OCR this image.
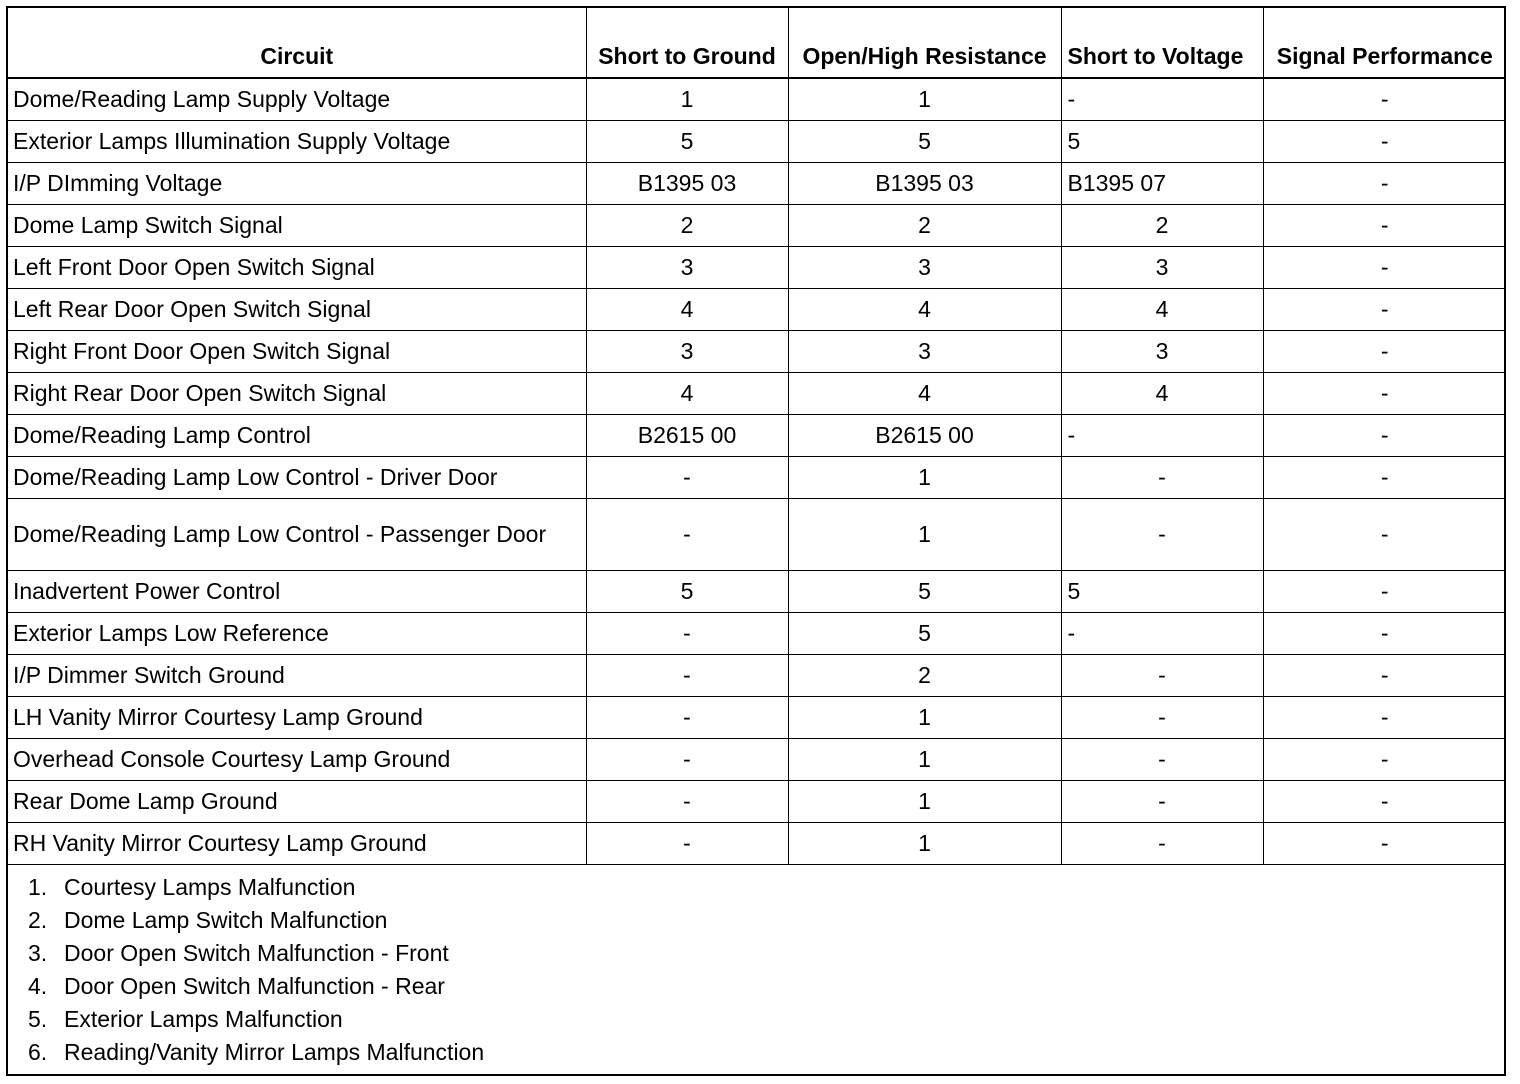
Circuit	Short to Ground	Open/High Resistance	Short to Voltage	Signal Performance
Dome/Reading Lamp Supply Voltage	1	1	-	-
Exterior Lamps Illumination Supply Voltage	5	5	5	-
I/P DImming Voltage	B1395 03	B1395 03	B1395 07	-
Dome Lamp Switch Signal	2	2	2	-
Left Front Door Open Switch Signal	3	3	3	-
Left Rear Door Open Switch Signal	4	4	4	-
Right Front Door Open Switch Signal	3	3	3	-
Right Rear Door Open Switch Signal	4	4	4	-
Dome/Reading Lamp Control	B2615 00	B2615 00	-	-
Dome/Reading Lamp Low Control - Driver Door	-	1	-	-
Dome/Reading Lamp Low Control - Passenger Door	-	1	-	-
Inadvertent Power Control	5	5	5	-
Exterior Lamps Low Reference	-	5	-	-
I/P Dimmer Switch Ground	-	2	-	-
LH Vanity Mirror Courtesy Lamp Ground	-	1	-	-
Overhead Console Courtesy Lamp Ground	-	1	-	-
Rear Dome Lamp Ground	-	1	-	-
RH Vanity Mirror Courtesy Lamp Ground	-	1	-	-
1. Courtesy Lamps Malfunction
2. Dome Lamp Switch Malfunction
3. Door Open Switch Malfunction - Front
4. Door Open Switch Malfunction - Rear
5. Exterior Lamps Malfunction
6. Reading/Vanity Mirror Lamps Malfunction
